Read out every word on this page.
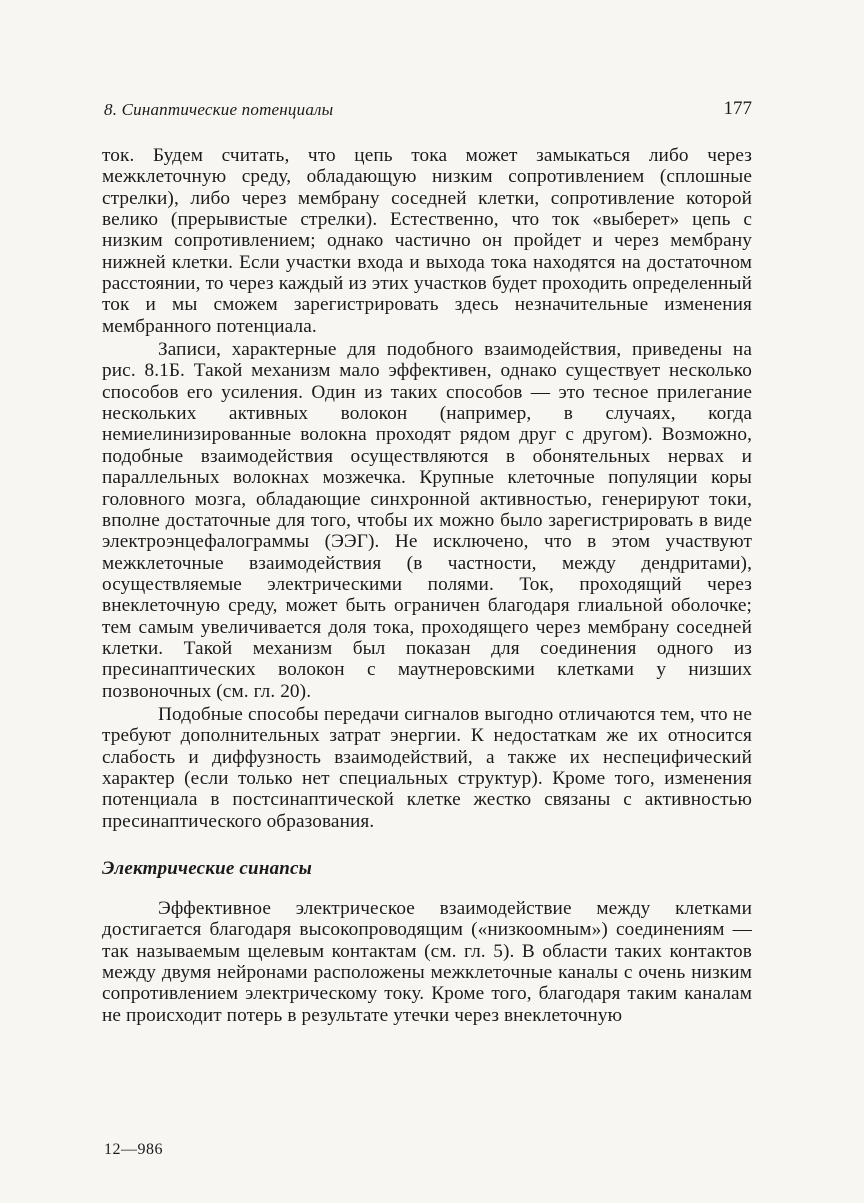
8. Синаптические потенциалы	177

ток. Будем считать, что цепь тока может замыкаться либо через межклеточную среду, обладающую низким сопротивлением (сплошные стрелки), либо через мембрану соседней клетки, сопротивление которой велико (прерывистые стрелки). Естественно, что ток «выберет» цепь с низким сопротивлением; однако частично он пройдет и через мембрану нижней клетки. Если участки входа и выхода тока находятся на достаточном расстоянии, то через каждый из этих участков будет проходить определенный ток и мы сможем зарегистрировать здесь незначительные изменения мембранного потенциала.

Записи, характерные для подобного взаимодействия, приведены на рис. 8.1Б. Такой механизм мало эффективен, однако существует несколько способов его усиления. Один из таких способов — это тесное прилегание нескольких активных волокон (например, в случаях, когда немиелинизированные волокна проходят рядом друг с другом). Возможно, подобные взаимодействия осуществляются в обонятельных нервах и параллельных волокнах мозжечка. Крупные клеточные популяции коры головного мозга, обладающие синхронной активностью, генерируют токи, вполне достаточные для того, чтобы их можно было зарегистрировать в виде электроэнцефалограммы (ЭЭГ). Не исключено, что в этом участвуют межклеточные взаимодействия (в частности, между дендритами), осуществляемые электрическими полями. Ток, проходящий через внеклеточную среду, может быть ограничен благодаря глиальной оболочке; тем самым увеличивается доля тока, проходящего через мембрану соседней клетки. Такой механизм был показан для соединения одного из пресинаптических волокон с маутнеровскими клетками у низших позвоночных (см. гл. 20).

Подобные способы передачи сигналов выгодно отличаются тем, что не требуют дополнительных затрат энергии. К недостаткам же их относится слабость и диффузность взаимодействий, а также их неспецифический характер (если только нет специальных структур). Кроме того, изменения потенциала в постсинаптической клетке жестко связаны с активностью пресинаптического образования.

Электрические синапсы

Эффективное электрическое взаимодействие между клетками достигается благодаря высокопроводящим («низкоомным») соединениям — так называемым щелевым контактам (см. гл. 5). В области таких контактов между двумя нейронами расположены межклеточные каналы с очень низким сопротивлением электрическому току. Кроме того, благодаря таким каналам не происходит потерь в результате утечки через внеклеточную

12—986
